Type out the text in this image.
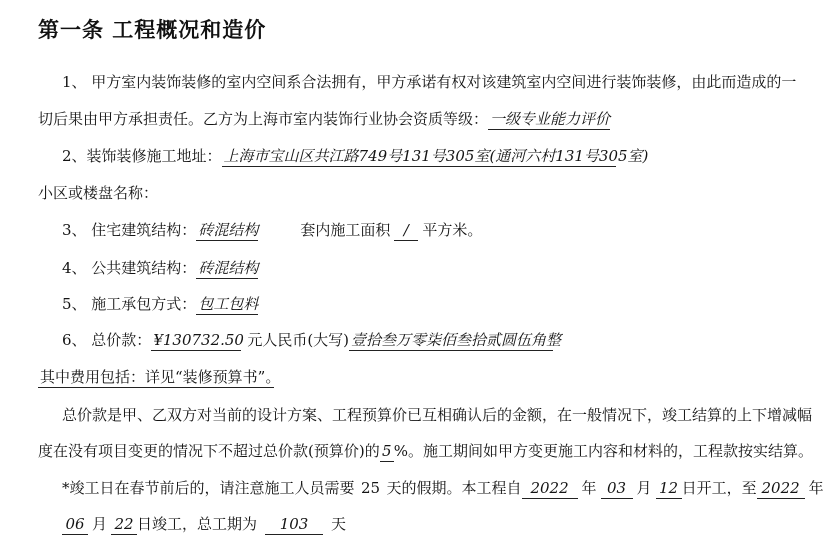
第一条 工程概况和造价
1、 甲方室内装饰装修的室内空间系合法拥有，甲方承诺有权对该建筑室内空间进行装饰装修，由此而造成的一
切后果由甲方承担责任。乙方为上海市室内装饰行业协会资质等级： 一级专业能力评价
2、装饰装修施工地址： 上海市宝山区共江路749号131号305室(通河六村131号305室)
小区或楼盘名称：
3、 住宅建筑结构： 砖混结构	套内施工面积 / 平方米。
4、 公共建筑结构： 砖混结构
5、 施工承包方式： 包工包料
6、 总价款： ¥130732.50 元人民币(大写) 壹拾叁万零柒佰叁拾贰圆伍角整
其中费用包括：详见“装修预算书”。
总价款是甲、乙双方对当前的设计方案、工程预算价已互相确认后的金额，在一般情况下，竣工结算的上下增减幅
度在没有项目变更的情况下不超过总价款(预算价)的 5 %。施工期间如甲方变更施工内容和材料的，工程款按实结算。
*竣工日在春节前后的，请注意施工人员需要 25 天的假期。本工程自 2022 年 03 月 12 日开工，至 2022 年
06 月 22 日竣工，总工期为 103 天
